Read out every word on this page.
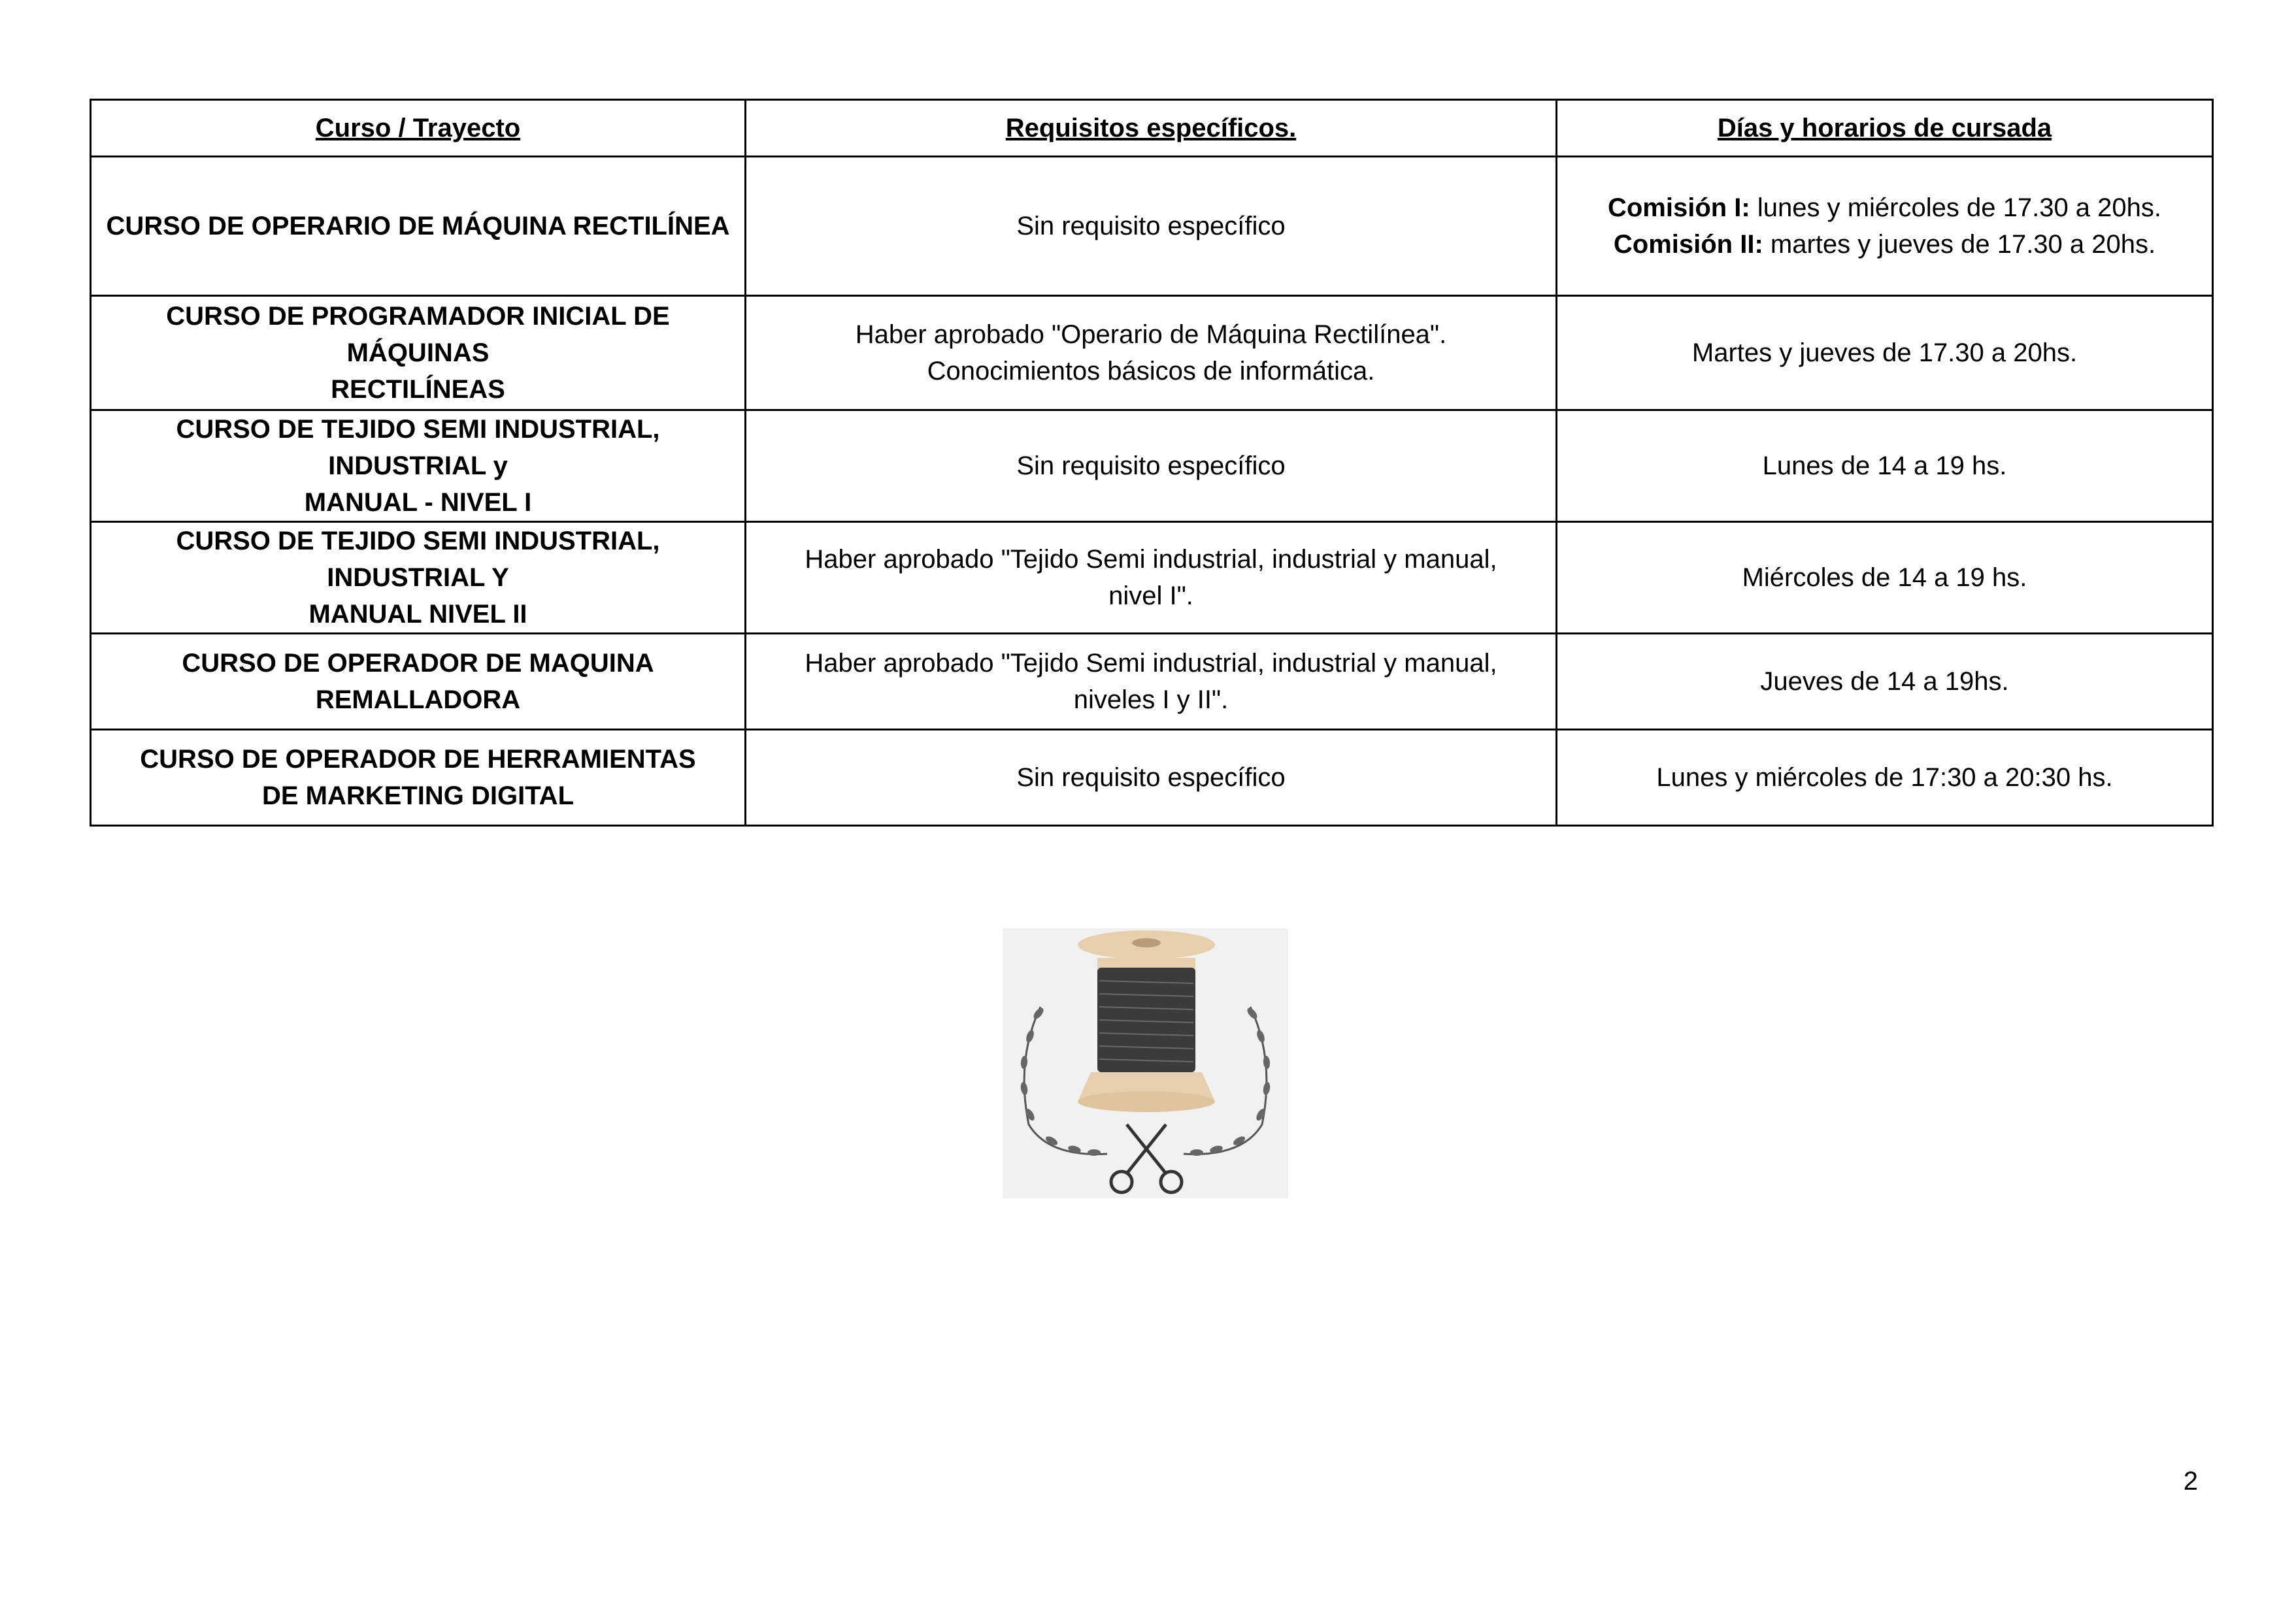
Curso / Trayecto	Requisitos específicos.	Días y horarios de cursada

CURSO DE OPERARIO DE MÁQUINA RECTILÍNEA	Sin requisito específico	Comisión I: lunes y miércoles de 17.30 a 20hs.
Comisión II: martes y jueves de 17.30 a 20hs.

CURSO DE PROGRAMADOR INICIAL DE MÁQUINAS
RECTILÍNEAS	Haber aprobado "Operario de Máquina Rectilínea".
Conocimientos básicos de informática.	Martes y jueves de 17.30 a 20hs.

CURSO DE TEJIDO SEMI INDUSTRIAL, INDUSTRIAL y
MANUAL - NIVEL I	Sin requisito específico	Lunes de 14 a 19 hs.

CURSO DE TEJIDO SEMI INDUSTRIAL, INDUSTRIAL Y
MANUAL NIVEL II	Haber aprobado "Tejido Semi industrial, industrial y manual,
nivel I".	Miércoles de 14 a 19 hs.

CURSO DE OPERADOR DE MAQUINA
REMALLADORA	Haber aprobado "Tejido Semi industrial, industrial y manual,
niveles I y II".	Jueves de 14 a 19hs.

CURSO DE OPERADOR DE HERRAMIENTAS
DE MARKETING DIGITAL	Sin requisito específico	Lunes y miércoles de 17:30 a 20:30 hs.
2
